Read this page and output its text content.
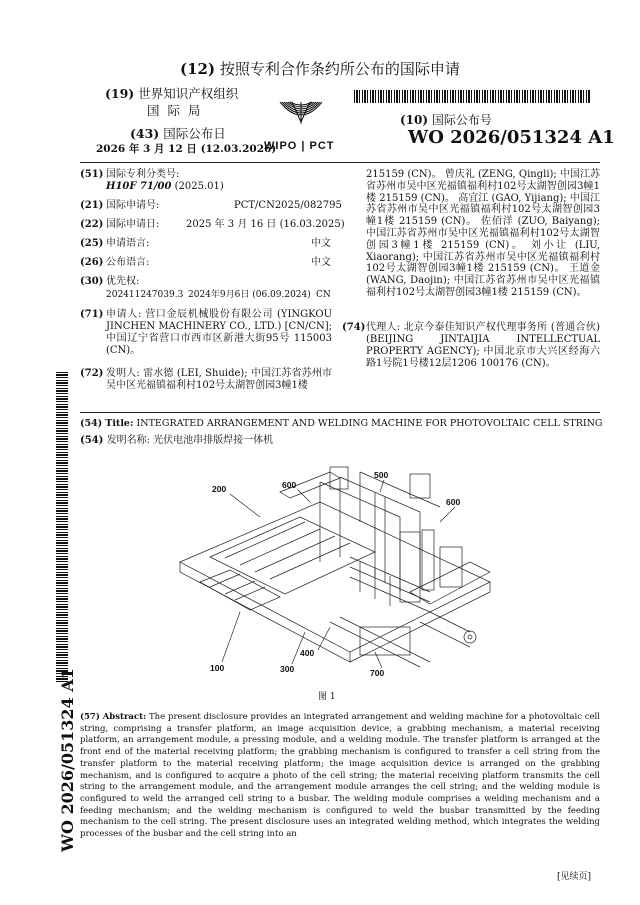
(12) 按照专利合作条约所公布的国际申请
(19) 世界知识产权组织
国 际 局
(43) 国际公布日
2026 年 3 月 12 日 (12.03.2026)
WIPO | PCT
(10) 国际公布号
WO 2026/051324 A1
(51) 国际专利分类号:
H10F 71/00 (2025.01)
(21) 国际申请号:	PCT/CN2025/082795
(22) 国际申请日:	2025 年 3 月 16 日 (16.03.2025)
(25) 申请语言:	中文
(26) 公布语言:	中文
(30) 优先权:
202411247039.3 2024年9月6日 (06.09.2024) CN
(71) 申请人: 营口金辰机械股份有限公司 (YINGKOU JINCHEN MACHINERY CO., LTD.) [CN/CN]; 中国辽宁省营口市西市区新港大街95号 115003 (CN)。
(72) 发明人: 雷水德 (LEI, Shuide); 中国江苏省苏州市吴中区光福镇福利村102号太湖智创园3幢1楼
215159 (CN)。 曾庆礼 (ZENG, Qingli); 中国江苏省苏州市吴中区光福镇福利村102号太湖智创园3幢1楼 215159 (CN)。 高宜江 (GAO, Yijiang); 中国江苏省苏州市吴中区光福镇福利村102号太湖智创园3幢1楼 215159 (CN)。 佐佰洋 (ZUO, Baiyang); 中国江苏省苏州市吴中区光福镇福利村102号太湖智创园3幢1楼 215159 (CN)。 刘小让 (LIU, Xiaorang); 中国江苏省苏州市吴中区光福镇福利村102号太湖智创园3幢1楼 215159 (CN)。 王道金 (WANG, Daojin); 中国江苏省苏州市吴中区光福镇福利村102号太湖智创园3幢1楼 215159 (CN)。
(74) 代理人: 北京今泰佳知识产权代理事务所 (普通合伙) (BEIJING JINTAIJIA INTELLECTUAL PROPERTY AGENCY); 中国北京市大兴区经海六路1号院1号楼12层1206 100176 (CN)。
(54) Title: INTEGRATED ARRANGEMENT AND WELDING MACHINE FOR PHOTOVOLTAIC CELL STRING
(54) 发明名称: 光伏电池串排版焊接一体机
200	600
500
600
100	300
400
700
图 1
(57) Abstract: The present disclosure provides an integrated arrangement and welding machine for a photovoltaic cell string, comprising a transfer platform, an image acquisition device, a grabbing mechanism, a material receiving platform, an arrangement module, a pressing module, and a welding module. The transfer platform is arranged at the front end of the material receiving platform; the grabbing mechanism is configured to transfer a cell string from the transfer platform to the material receiving platform; the image acquisition device is arranged on the grabbing mechanism, and is configured to acquire a photo of the cell string; the material receiving platform transmits the cell string to the arrangement module, and the arrangement module arranges the cell string; and the welding module is configured to weld the arranged cell string to a busbar. The welding module comprises a welding mechanism and a feeding mechanism; and the welding mechanism is configured to weld the busbar transmitted by the feeding mechanism to the cell string. The present disclosure uses an integrated welding method, which integrates the welding processes of the busbar and the cell string into an
WO 2026/051324 A1
[见续页]
